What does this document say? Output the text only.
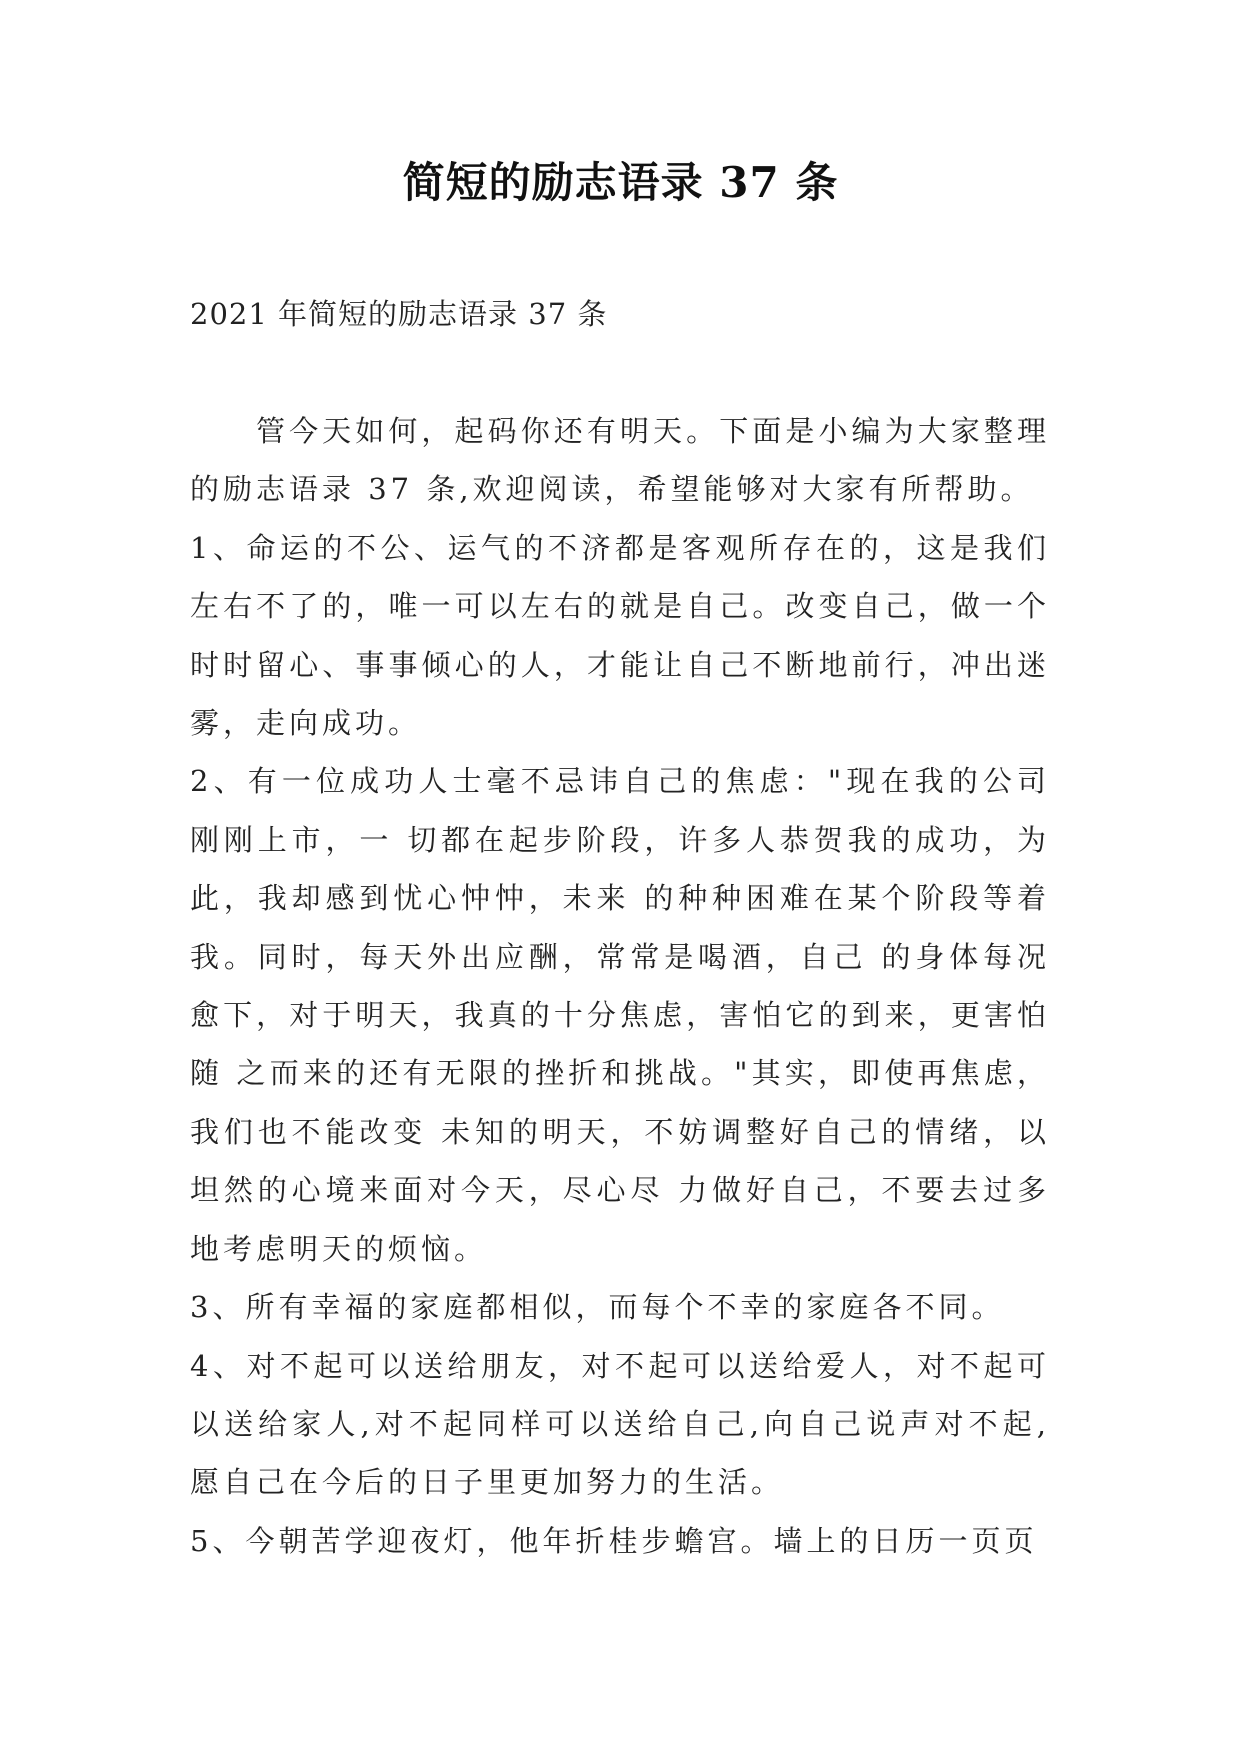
简短的励志语录 37 条

2021 年简短的励志语录 37 条

管今天如何，起码你还有明天。下面是小编为大家整理的励志语录 37 条,欢迎阅读，希望能够对大家有所帮助。

1、命运的不公、运气的不济都是客观所存在的，这是我们左右不了的，唯一可以左右的就是自己。改变自己，做一个时时留心、事事倾心的人，才能让自己不断地前行，冲出迷雾，走向成功。

2、有一位成功人士毫不忌讳自己的焦虑："现在我的公司刚刚上市，一 切都在起步阶段，许多人恭贺我的成功，为此，我却感到忧心忡忡，未来 的种种困难在某个阶段等着我。同时，每天外出应酬，常常是喝酒，自己 的身体每况愈下，对于明天，我真的十分焦虑，害怕它的到来，更害怕随 之而来的还有无限的挫折和挑战。"其实，即使再焦虑，我们也不能改变 未知的明天，不妨调整好自己的情绪，以坦然的心境来面对今天，尽心尽 力做好自己，不要去过多地考虑明天的烦恼。

3、所有幸福的家庭都相似，而每个不幸的家庭各不同。

4、对不起可以送给朋友，对不起可以送给爱人，对不起可以送给家人,对不起同样可以送给自己,向自己说声对不起,愿自己在今后的日子里更加努力的生活。

5、今朝苦学迎夜灯，他年折桂步蟾宫。墙上的日历一页页
